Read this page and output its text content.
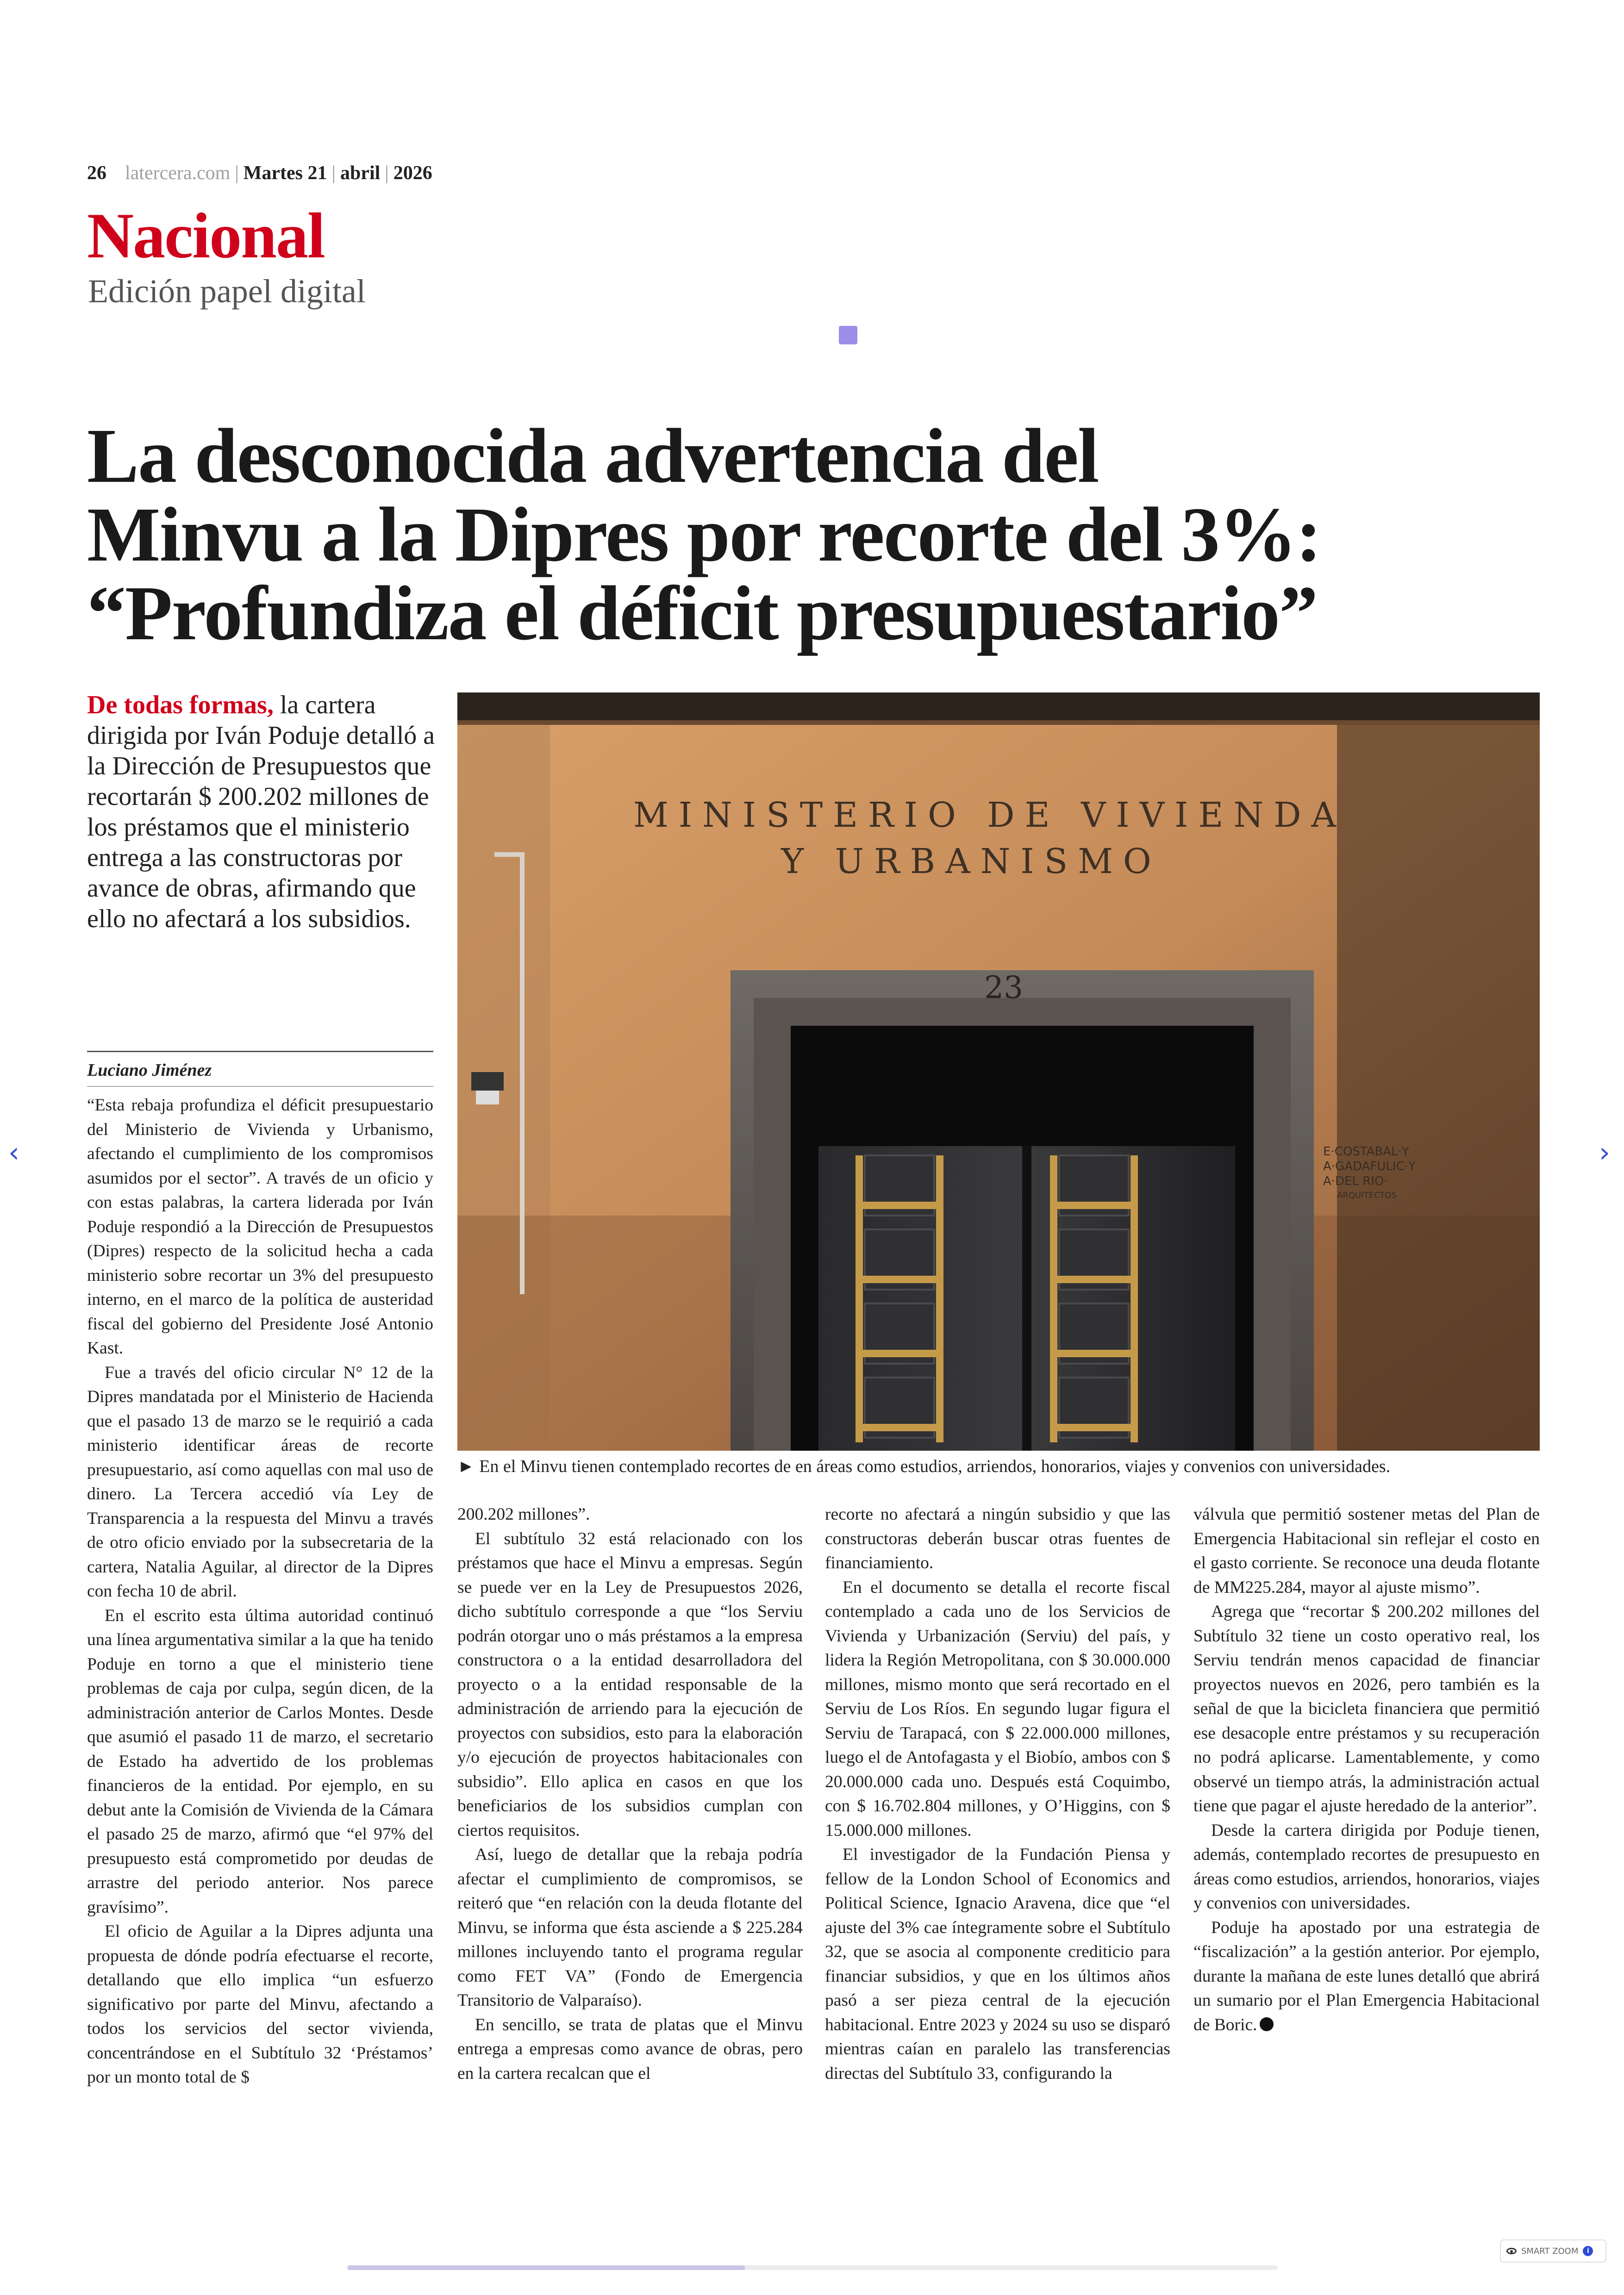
26 latercera.com | Martes 21 | abril | 2026
Nacional
Edición papel digital
La desconocida advertencia del
Minvu a la Dipres por recorte del 3%:
“Profundiza el déficit presupuestario”
De todas formas, la cartera dirigida por Iván Poduje detalló a la Dirección de Presupuestos que recortarán $ 200.202 millones de los préstamos que el ministerio entrega a las constructoras por avance de obras, afirmando que ello no afectará a los subsidios.
Luciano Jiménez
MINISTERIO DE VIVIENDA
Y URBANISMO
23
E·COSTABAL·Y
A·GADAFULIC·Y
A·DEL RIO·
ARQUITECTOS
► En el Minvu tienen contemplado recortes de en áreas como estudios, arriendos, honorarios, viajes y convenios con universidades.

“Esta rebaja profundiza el déficit presupuestario del Ministerio de Vivienda y Urbanismo, afectando el cumplimiento de los compromisos asumidos por el sector”. A través de un oficio y con estas palabras, la cartera liderada por Iván Poduje respondió a la Dirección de Presupuestos (Dipres) respecto de la solicitud hecha a cada ministerio sobre recortar un 3% del presupuesto interno, en el marco de la política de austeridad fiscal del gobierno del Presidente José Antonio Kast.

Fue a través del oficio circular N° 12 de la Dipres mandatada por el Ministerio de Hacienda que el pasado 13 de marzo se le requirió a cada ministerio identificar áreas de recorte presupuestario, así como aquellas con mal uso de dinero. La Tercera accedió vía Ley de Transparencia a la respuesta del Minvu a través de otro oficio enviado por la subsecretaria de la cartera, Natalia Aguilar, al director de la Dipres con fecha 10 de abril.

En el escrito esta última autoridad continuó una línea argumentativa similar a la que ha tenido Poduje en torno a que el ministerio tiene problemas de caja por culpa, según dicen, de la administración anterior de Carlos Montes. Desde que asumió el pasado 11 de marzo, el secretario de Estado ha advertido de los problemas financieros de la entidad. Por ejemplo, en su debut ante la Comisión de Vivienda de la Cámara el pasado 25 de marzo, afirmó que “el 97% del presupuesto está comprometido por deudas de arrastre del periodo anterior. Nos parece gravísimo”.

El oficio de Aguilar a la Dipres adjunta una propuesta de dónde podría efectuarse el recorte, detallando que ello implica “un esfuerzo significativo por parte del Minvu, afectando a todos los servicios del sector vivienda, concentrándose en el Subtítulo 32 ‘Préstamos’ por un monto total de $

200.202 millones”.

El subtítulo 32 está relacionado con los préstamos que hace el Minvu a empresas. Según se puede ver en la Ley de Presupuestos 2026, dicho subtítulo corresponde a que “los Serviu podrán otorgar uno o más préstamos a la empresa constructora o a la entidad desarrolladora del proyecto o a la entidad responsable de la administración de arriendo para la ejecución de proyectos con subsidios, esto para la elaboración y/o ejecución de proyectos habitacionales con subsidio”. Ello aplica en casos en que los beneficiarios de los subsidios cumplan con ciertos requisitos.

Así, luego de detallar que la rebaja podría afectar el cumplimiento de compromisos, se reiteró que “en relación con la deuda flotante del Minvu, se informa que ésta asciende a $ 225.284 millones incluyendo tanto el programa regular como FET VA” (Fondo de Emergencia Transitorio de Valparaíso).

En sencillo, se trata de platas que el Minvu entrega a empresas como avance de obras, pero en la cartera recalcan que el

recorte no afectará a ningún subsidio y que las constructoras deberán buscar otras fuentes de financiamiento.

En el documento se detalla el recorte fiscal contemplado a cada uno de los Servicios de Vivienda y Urbanización (Serviu) del país, y lidera la Región Metropolitana, con $ 30.000.000 millones, mismo monto que será recortado en el Serviu de Los Ríos. En segundo lugar figura el Serviu de Tarapacá, con $ 22.000.000 millones, luego el de Antofagasta y el Biobío, ambos con $ 20.000.000 cada uno. Después está Coquimbo, con $ 16.702.804 millones, y O’Higgins, con $ 15.000.000 millones.

El investigador de la Fundación Piensa y fellow de la London School of Economics and Political Science, Ignacio Aravena, dice que “el ajuste del 3% cae íntegramente sobre el Subtítulo 32, que se asocia al componente crediticio para financiar subsidios, y que en los últimos años pasó a ser pieza central de la ejecución habitacional. Entre 2023 y 2024 su uso se disparó mientras caían en paralelo las transferencias directas del Subtítulo 33, configurando la

válvula que permitió sostener metas del Plan de Emergencia Habitacional sin reflejar el costo en el gasto corriente. Se reconoce una deuda flotante de MM225.284, mayor al ajuste mismo”.

Agrega que “recortar $ 200.202 millones del Subtítulo 32 tiene un costo operativo real, los Serviu tendrán menos capacidad de financiar proyectos nuevos en 2026, pero también es la señal de que la bicicleta financiera que permitió ese desacople entre préstamos y su recuperación no podrá aplicarse. Lamentablemente, y como observé un tiempo atrás, la administración actual tiene que pagar el ajuste heredado de la anterior”.

Desde la cartera dirigida por Poduje tienen, además, contemplado recortes de presupuesto en áreas como estudios, arriendos, honorarios, viajes y convenios con universidades.

Poduje ha apostado por una estrategia de “fiscalización” a la gestión anterior. Por ejemplo, durante la mañana de este lunes detalló que abrirá un sumario por el Plan Emergencia Habitacional de Boric.

‹	›
SMART ZOOM	i
